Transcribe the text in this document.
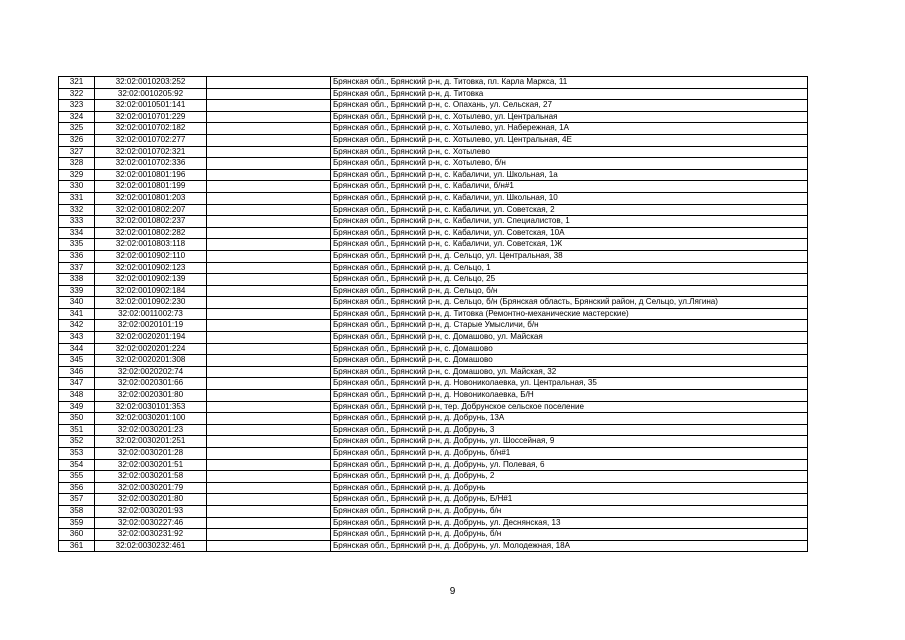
321	32:02:0010203:252		Брянская обл., Брянский р-н, д. Титовка, пл. Карла Маркса, 11
322	32:02:0010205:92		Брянская обл., Брянский р-н, д. Титовка
323	32:02:0010501:141		Брянская обл., Брянский р-н, с. Опахань, ул. Сельская, 27
324	32:02:0010701:229		Брянская обл., Брянский р-н, с. Хотылево, ул. Центральная
325	32:02:0010702:182		Брянская обл., Брянский р-н, с. Хотылево, ул. Набережная, 1А
326	32:02:0010702:277		Брянская обл., Брянский р-н, с. Хотылево, ул. Центральная, 4Е
327	32:02:0010702:321		Брянская обл., Брянский р-н, с. Хотылево
328	32:02:0010702:336		Брянская обл., Брянский р-н, с. Хотылево, б/н
329	32:02:0010801:196		Брянская обл., Брянский р-н, с. Кабаличи, ул. Школьная, 1а
330	32:02:0010801:199		Брянская обл., Брянский р-н, с. Кабаличи, б/н#1
331	32:02:0010801:203		Брянская обл., Брянский р-н, с. Кабаличи, ул. Школьная, 10
332	32:02:0010802:207		Брянская обл., Брянский р-н, с. Кабаличи, ул. Советская, 2
333	32:02:0010802:237		Брянская обл., Брянский р-н, с. Кабаличи, ул. Специалистов, 1
334	32:02:0010802:282		Брянская обл., Брянский р-н, с. Кабаличи, ул. Советская, 10А
335	32:02:0010803:118		Брянская обл., Брянский р-н, с. Кабаличи, ул. Советская, 1Ж
336	32:02:0010902:110		Брянская обл., Брянский р-н, д. Сельцо, ул. Центральная, 38
337	32:02:0010902:123		Брянская обл., Брянский р-н, д. Сельцо, 1
338	32:02:0010902:139		Брянская обл., Брянский р-н, д. Сельцо, 25
339	32:02:0010902:184		Брянская обл., Брянский р-н, д. Сельцо, б/н
340	32:02:0010902:230		Брянская обл., Брянский р-н, д. Сельцо, б/н (Брянская область, Брянский район, д Сельцо, ул.Лягина)
341	32:02:0011002:73		Брянская обл., Брянский р-н, д. Титовка (Ремонтно-механические мастерские)
342	32:02:0020101:19		Брянская обл., Брянский р-н, д. Старые Умысличи, б/н
343	32:02:0020201:194		Брянская обл., Брянский р-н, с. Домашово, ул. Майская
344	32:02:0020201:224		Брянская обл., Брянский р-н, с. Домашово
345	32:02:0020201:308		Брянская обл., Брянский р-н, с. Домашово
346	32:02:0020202:74		Брянская обл., Брянский р-н, с. Домашово, ул. Майская, 32
347	32:02:0020301:66		Брянская обл., Брянский р-н, д. Новониколаевка, ул. Центральная, 35
348	32:02:0020301:80		Брянская обл., Брянский р-н, д. Новониколаевка, Б/Н
349	32:02:0030101:353		Брянская обл., Брянский р-н, тер. Добрунское сельское поселение
350	32:02:0030201:100		Брянская обл., Брянский р-н, д. Добрунь, 13А
351	32:02:0030201:23		Брянская обл., Брянский р-н, д. Добрунь, 3
352	32:02:0030201:251		Брянская обл., Брянский р-н, д. Добрунь, ул. Шоссейная, 9
353	32:02:0030201:28		Брянская обл., Брянский р-н, д. Добрунь, б/н#1
354	32:02:0030201:51		Брянская обл., Брянский р-н, д. Добрунь, ул. Полевая, 6
355	32:02:0030201:58		Брянская обл., Брянский р-н, д. Добрунь, 2
356	32:02:0030201:79		Брянская обл., Брянский р-н, д. Добрунь
357	32:02:0030201:80		Брянская обл., Брянский р-н, д. Добрунь, Б/Н#1
358	32:02:0030201:93		Брянская обл., Брянский р-н, д. Добрунь, б/н
359	32:02:0030227:46		Брянская обл., Брянский р-н, д. Добрунь, ул. Деснянская, 13
360	32:02:0030231:92		Брянская обл., Брянский р-н, д. Добрунь, б/н
361	32:02:0030232:461		Брянская обл., Брянский р-н, д. Добрунь, ул. Молодежная, 18А
9
